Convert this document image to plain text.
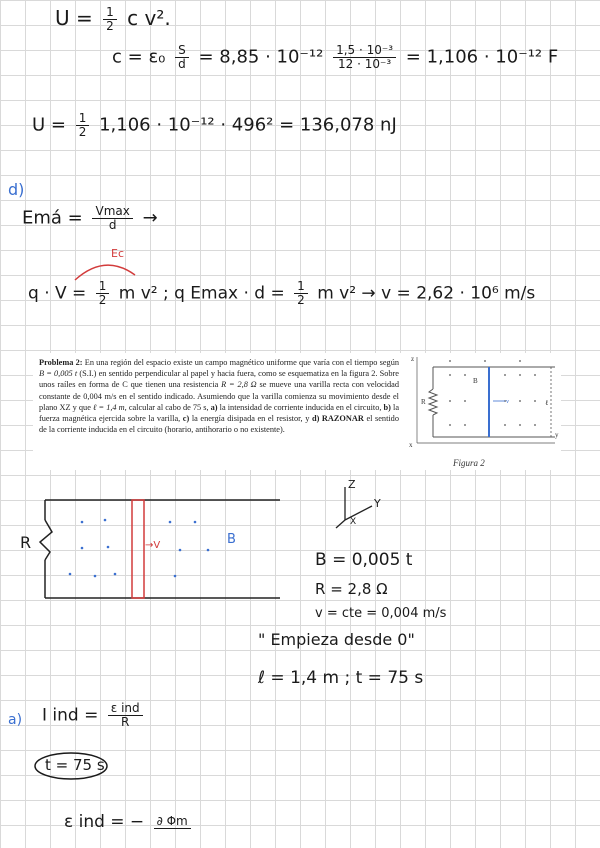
$U = \frac{1}{2}$ c v².
$c = \varepsilon_0 \frac{S}{d} = 8,85 \cdot 10^{-12} \frac{\text{1,5 · 10⁻³}}{\text{12 · 10⁻³}} = 1,106 \cdot 10^{-12}$ F
$U = \frac{1}{2} 1,106 \cdot 10^{-12} \cdot 496^2 = 136,078$ nJ
d)
Emá = $\frac{Vmax}{d}$ →
Ec
$q \cdot V = \frac{1}{2}$ m v² ; q $Emax \cdot d = \frac{1}{2}$ m v² → v = 2,62 · 10⁶ m/s
Problema 2: En una región del espacio existe un campo magnético uniforme que varía con el tiempo según B = 0,005 t (S.I.) en sentido perpendicular al papel y hacia fuera, como se esquematiza en la figura 2. Sobre unos raíles en forma de C que tienen una resistencia R = 2,8 Ω se mueve una varilla recta con velocidad constante de 0,004 m/s en el sentido indicado. Asumiendo que la varilla comienza su movimiento desde el plano XZ y que ℓ = 1,4 m, calcular al cabo de 75 s, a) la intensidad de corriente inducida en el circuito, b) la fuerza magnética ejercida sobre la varilla, c) la energía disipada en el resistor, y d) RAZONAR el sentido de la corriente inducida en el circuito (horario, antihorario o no existente).
z
R
B
v	ℓ
x
y
Figura 2
R	→V	B
Z
Y
X
B = 0,005 t
R = 2,8 Ω
v = cte = 0,004 m/s
" Empieza desde 0"
ℓ = 1,4 m ; t = 75 s
a) I ind = $\frac{\text{ε ind}}{R}$
t = 75 s
ε ind = − ∂ Φm
